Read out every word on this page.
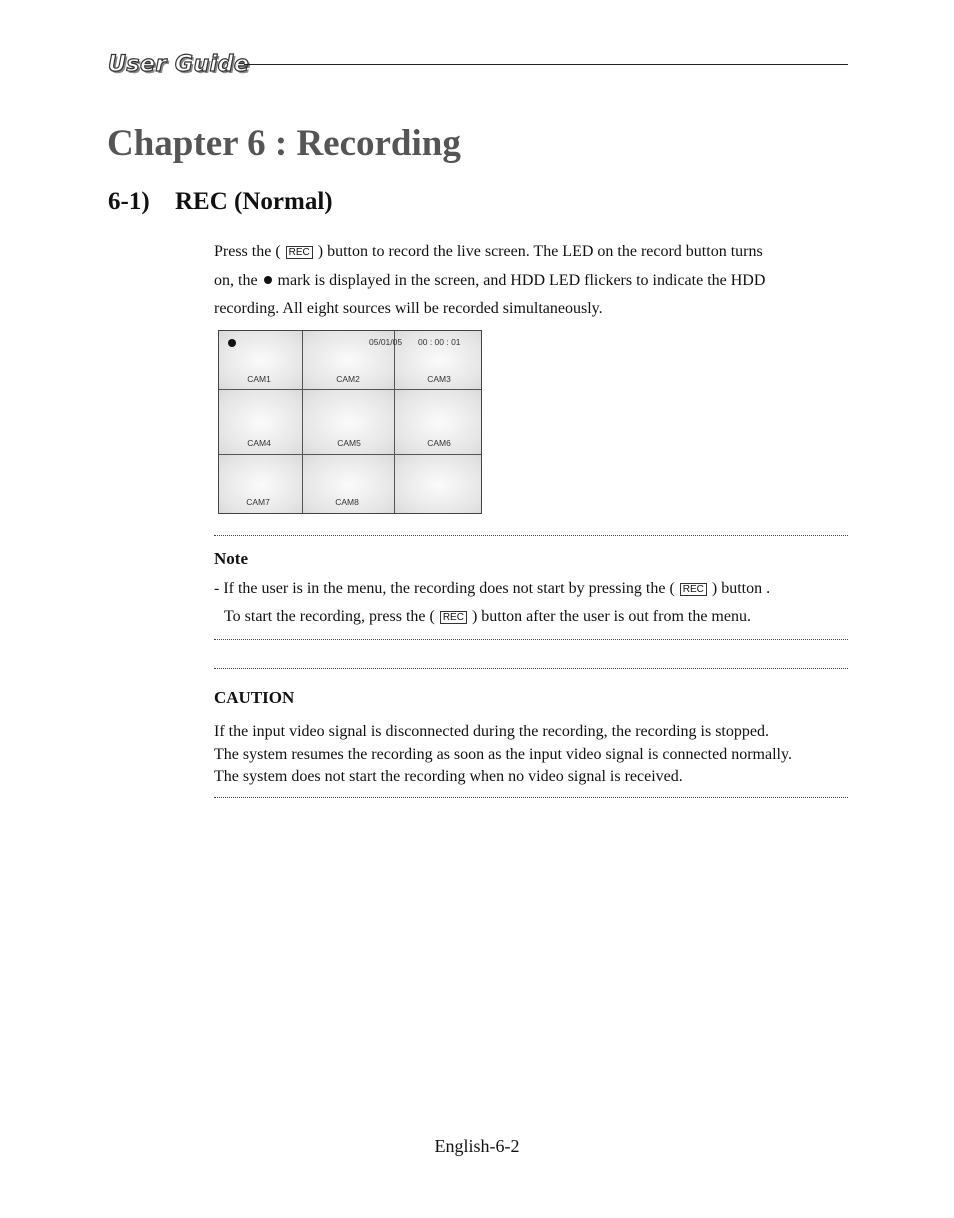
User Guide
Chapter 6 : Recording
6-1) REC (Normal)
Press the ( REC ) button to record the live screen. The LED on the record button turns
on, the mark is displayed in the screen, and HDD LED flickers to indicate the HDD
recording. All eight sources will be recorded simultaneously.
05/01/05 00 : 00 : 01
CAM1	CAM2	CAM3
CAM4	CAM5	CAM6
CAM7	CAM8
Note
- If the user is in the menu, the recording does not start by pressing the ( REC ) button .
To start the recording, press the ( REC ) button after the user is out from the menu.
CAUTION
If the input video signal is disconnected during the recording, the recording is stopped.
The system resumes the recording as soon as the input video signal is connected normally.
The system does not start the recording when no video signal is received.
English-6-2
